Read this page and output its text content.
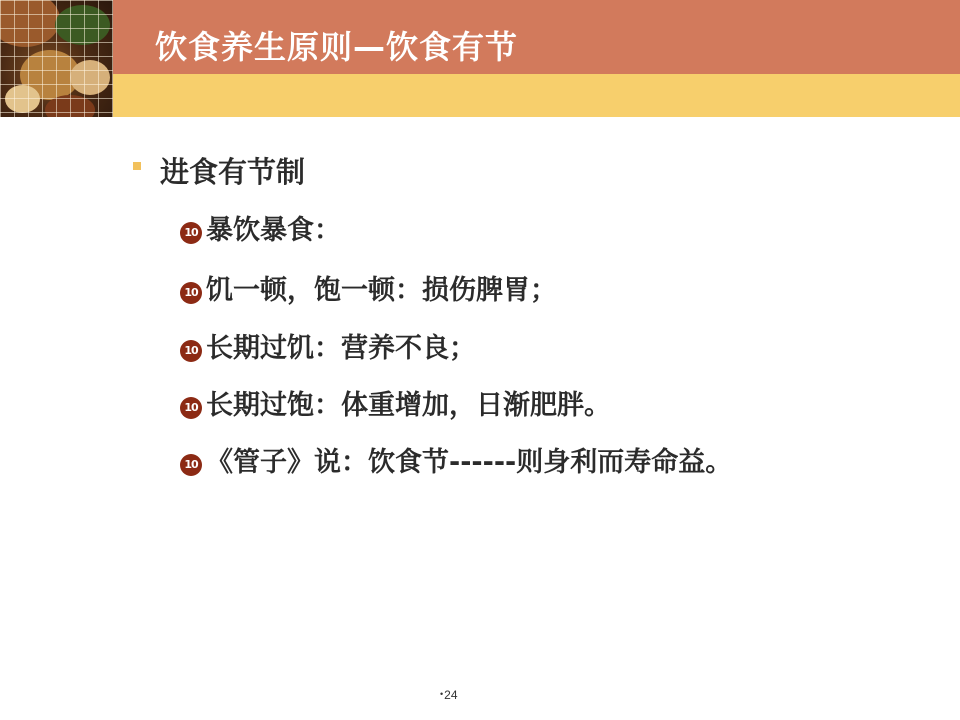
饮食养生原则—饮食有节
进食有节制
10 暴饮暴食：
10 饥一顿，饱一顿：损伤脾胃；
10 长期过饥：营养不良；
10 长期过饱：体重增加，日渐肥胖。
10 《管子》说：饮食节------则身利而寿命益。
•24
